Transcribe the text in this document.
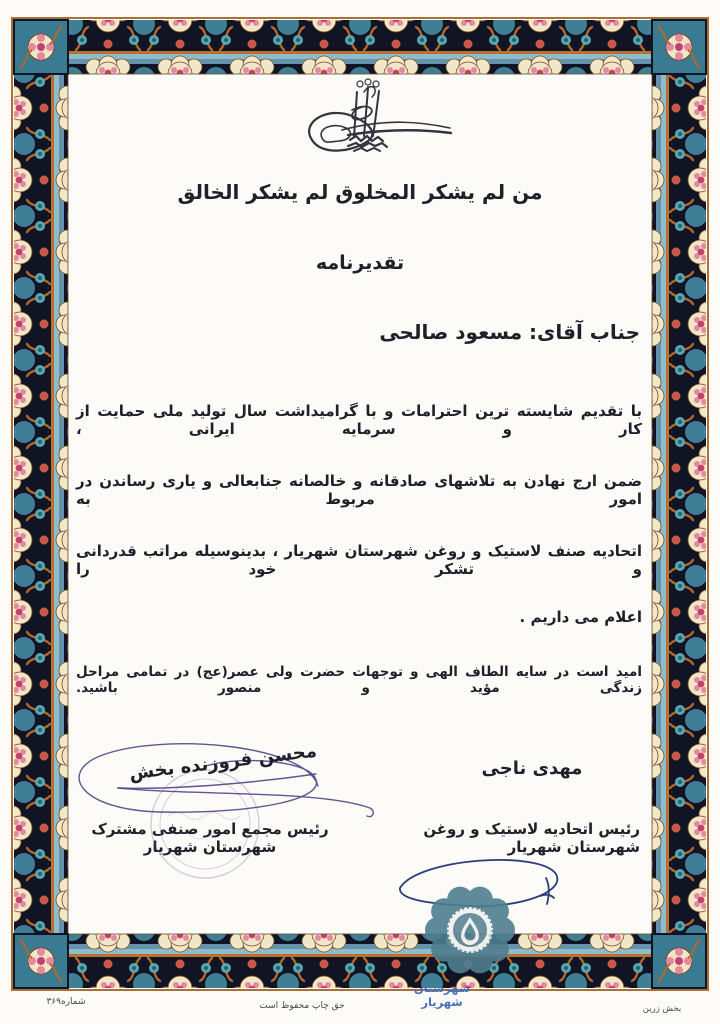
من لم یشکر المخلوق لم یشکر الخالق
تقدیرنامه
جناب آقای: مسعود صالحی
با تقدیم شایسته ترین احترامات و با گرامیداشت سال تولید ملی حمایت از کار و سرمایه ایرانی ،
ضمن ارج نهادن به تلاشهای صادقانه و خالصانه جنابعالی و یاری رساندن در امور مربوط به
اتحادیه صنف لاستیک و روغن شهرستان شهریار ، بدینوسیله مراتب قدردانی و تشکر خود را
اعلام می داریم .
امید است در سایه الطاف الهی و توجهات حضرت ولی عصر(عج) در تمامی مراحل زندگی مؤید و منصور باشید.
مهدی ناجی
رئیس اتحادیه لاستیک و روغن شهرستان شهریار
محسن فروزنده بخش
رئیس مجمع امور صنفی مشترک شهرستان شهریار
شهرستان شهریار
شماره۳۶۹	حق چاپ محفوظ است	بخش زرین
